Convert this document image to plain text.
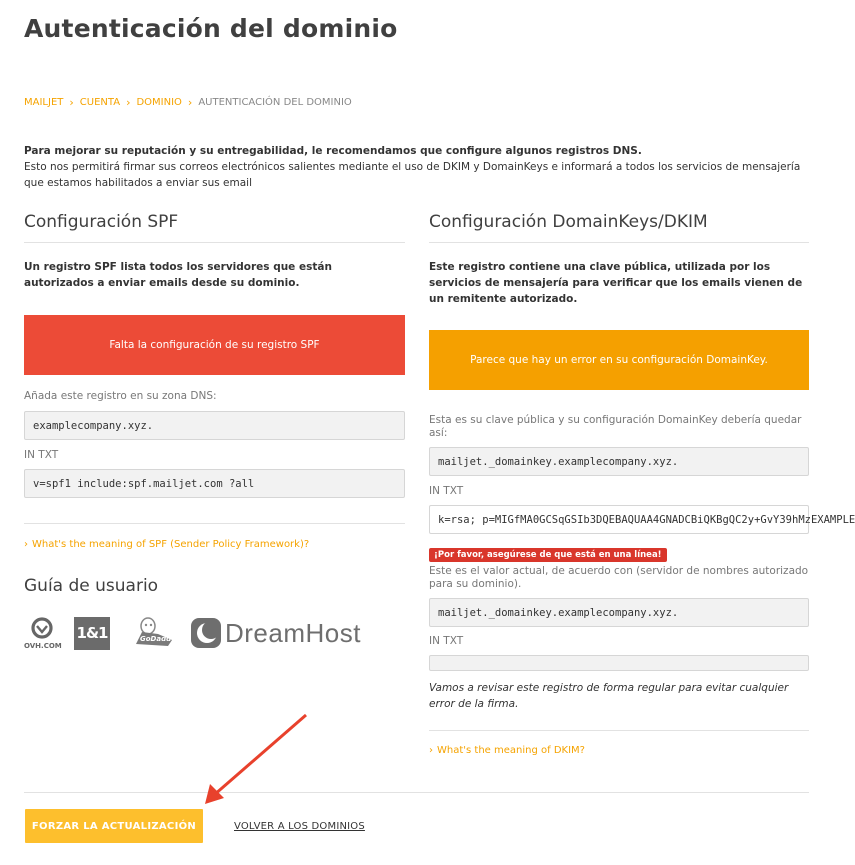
Autenticación del dominio
MAILJET › CUENTA › DOMINIO › AUTENTICACIÓN DEL DOMINIO
Para mejorar su reputación y su entregabilidad, le recomendamos que configure algunos registros DNS.
Esto nos permitirá firmar sus correos electrónicos salientes mediante el uso de DKIM y DomainKeys e informará a todos los servicios de mensajería que estamos habilitados a enviar sus email
Configuración SPF
Un registro SPF lista todos los servidores que están autorizados a enviar emails desde su dominio.
Falta la configuración de su registro SPF
Añada este registro en su zona DNS:
examplecompany.xyz.
IN TXT
v=spf1 include:spf.mailjet.com ?all
› What's the meaning of SPF (Sender Policy Framework)?
Guía de usuario
OVH.COM
1&1	GoDaddy DreamHost
Configuración DomainKeys/DKIM
Este registro contiene una clave pública, utilizada por los servicios de mensajería para verificar que los emails vienen de un remitente autorizado.
Parece que hay un error en su configuración DomainKey.
Esta es su clave pública y su configuración DomainKey debería quedar así:
mailjet._domainkey.examplecompany.xyz.
IN TXT
k=rsa; p=MIGfMA0GCSqGSIb3DQEBAQUAA4GNADCBiQKBgQC2y+GvY39hMzEXAMPLE
¡Por favor, asegúrese de que está en una línea!
Este es el valor actual, de acuerdo con (servidor de nombres autorizado para su dominio).
mailjet._domainkey.examplecompany.xyz.
IN TXT
Vamos a revisar este registro de forma regular para evitar cualquier error de la firma.
› What's the meaning of DKIM?
FORZAR LA ACTUALIZACIÓN	VOLVER A LOS DOMINIOS
